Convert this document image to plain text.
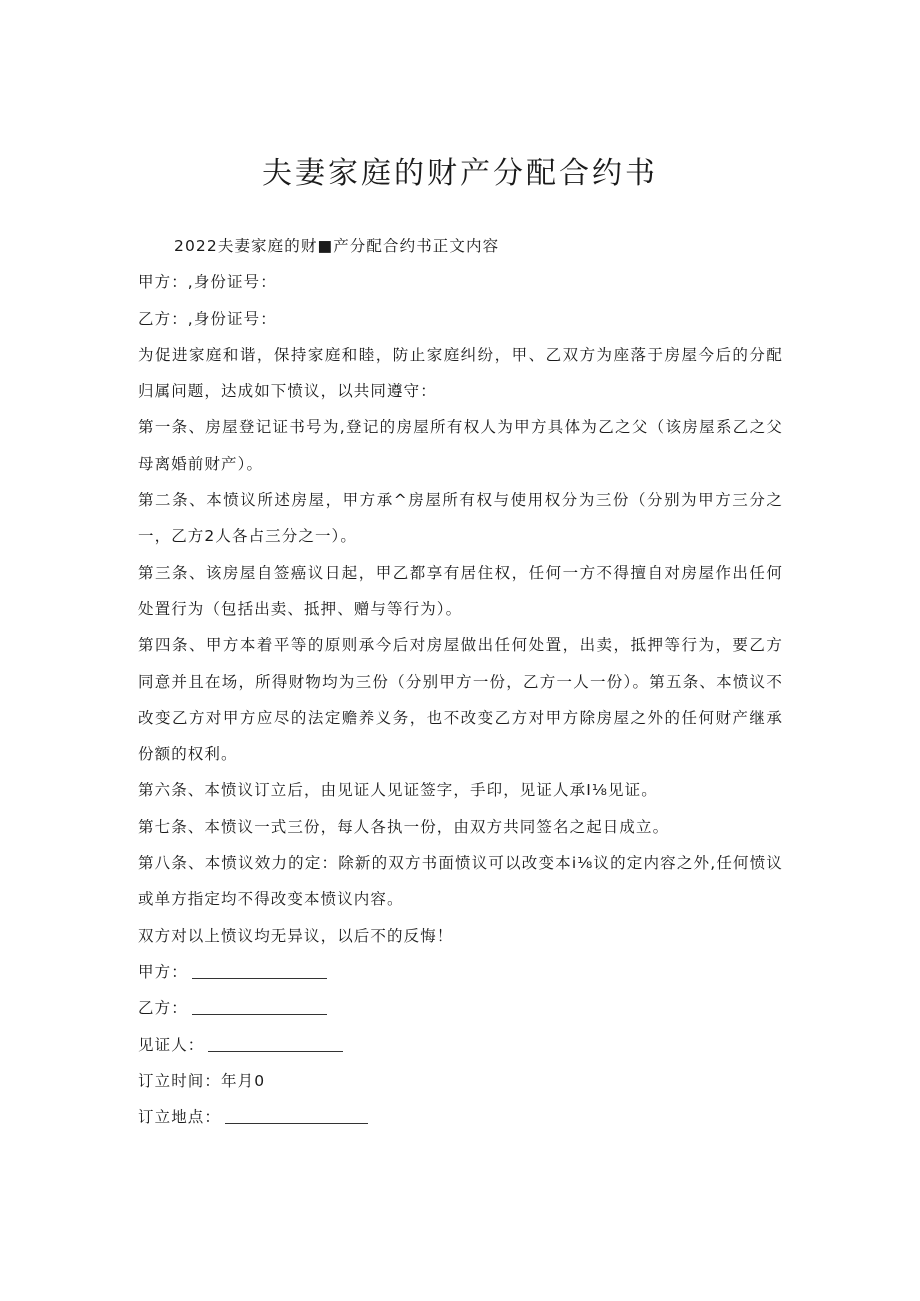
夫妻家庭的财产分配合约书

2022夫妻家庭的财■产分配合约书正文内容

甲方：,身份证号：

乙方：,身份证号：

为促进家庭和谐，保持家庭和睦，防止家庭纠纷，甲、乙双方为座落于房屋今后的分配归属问题，达成如下愤议，以共同遵守：

第一条、房屋登记证书号为,登记的房屋所有权人为甲方具体为乙之父（该房屋系乙之父母离婚前财产）。

第二条、本愤议所述房屋，甲方承^房屋所有权与使用权分为三份（分别为甲方三分之一，乙方2人各占三分之一）。

第三条、该房屋自签癌议日起，甲乙都享有居住权，任何一方不得擅自对房屋作出任何处置行为（包括出卖、抵押、赠与等行为）。

第四条、甲方本着平等的原则承今后对房屋做出任何处置，出卖，抵押等行为，要乙方同意并且在场，所得财物均为三份（分别甲方一份，乙方一人一份）。第五条、本愤议不改变乙方对甲方应尽的法定赡养义务，也不改变乙方对甲方除房屋之外的任何财产继承份额的权利。

第六条、本愤议订立后，由见证人见证签字，手印，见证人承I⅛见证。

第七条、本愤议一式三份，每人各执一份，由双方共同签名之起日成立。

第八条、本愤议效力的定：除新的双方书面愤议可以改变本i⅛议的定内容之外,任何愤议或单方指定均不得改变本愤议内容。

双方对以上愤议均无异议，以后不的反悔！

甲方：

乙方：

见证人：

订立时间：年月0

订立地点：
